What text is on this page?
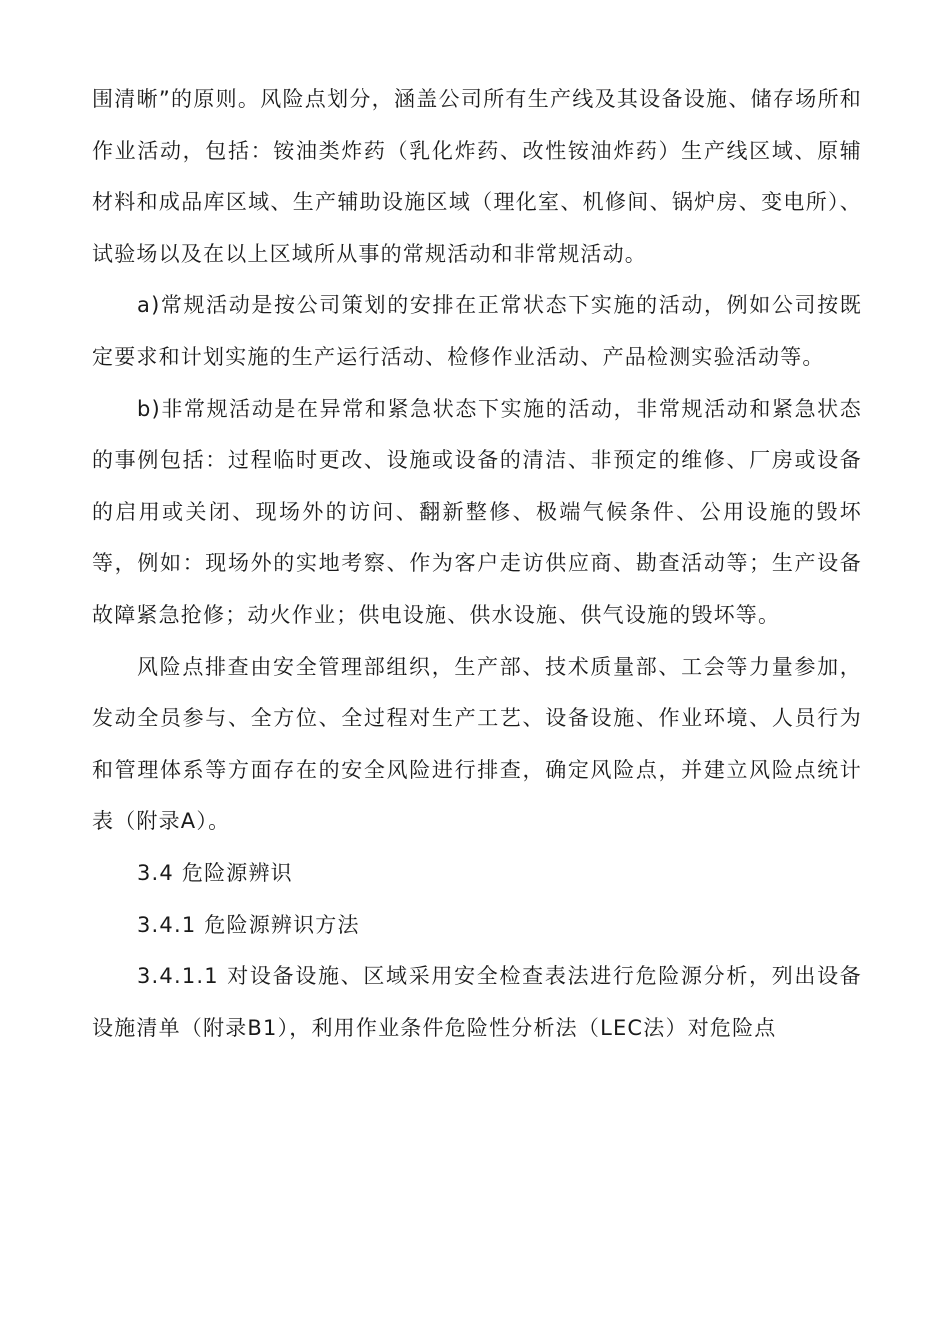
围清晰”的原则。风险点划分，涵盖公司所有生产线及其设备设施、储存场所和作业活动，包括：铵油类炸药（乳化炸药、改性铵油炸药）生产线区域、原辅材料和成品库区域、生产辅助设施区域（理化室、机修间、锅炉房、变电所）、试验场以及在以上区域所从事的常规活动和非常规活动。

a)常规活动是按公司策划的安排在正常状态下实施的活动，例如公司按既定要求和计划实施的生产运行活动、检修作业活动、产品检测实验活动等。

b)非常规活动是在异常和紧急状态下实施的活动，非常规活动和紧急状态的事例包括：过程临时更改、设施或设备的清洁、非预定的维修、厂房或设备的启用或关闭、现场外的访问、翻新整修、极端气候条件、公用设施的毁坏等，例如：现场外的实地考察、作为客户走访供应商、勘查活动等；生产设备故障紧急抢修；动火作业；供电设施、供水设施、供气设施的毁坏等。

风险点排查由安全管理部组织，生产部、技术质量部、工会等力量参加，发动全员参与、全方位、全过程对生产工艺、设备设施、作业环境、人员行为和管理体系等方面存在的安全风险进行排查，确定风险点，并建立风险点统计表（附录A）。

3.4 危险源辨识

3.4.1 危险源辨识方法

3.4.1.1 对设备设施、区域采用安全检查表法进行危险源分析，列出设备设施清单（附录B1），利用作业条件危险性分析法（LEC法）对危险点
